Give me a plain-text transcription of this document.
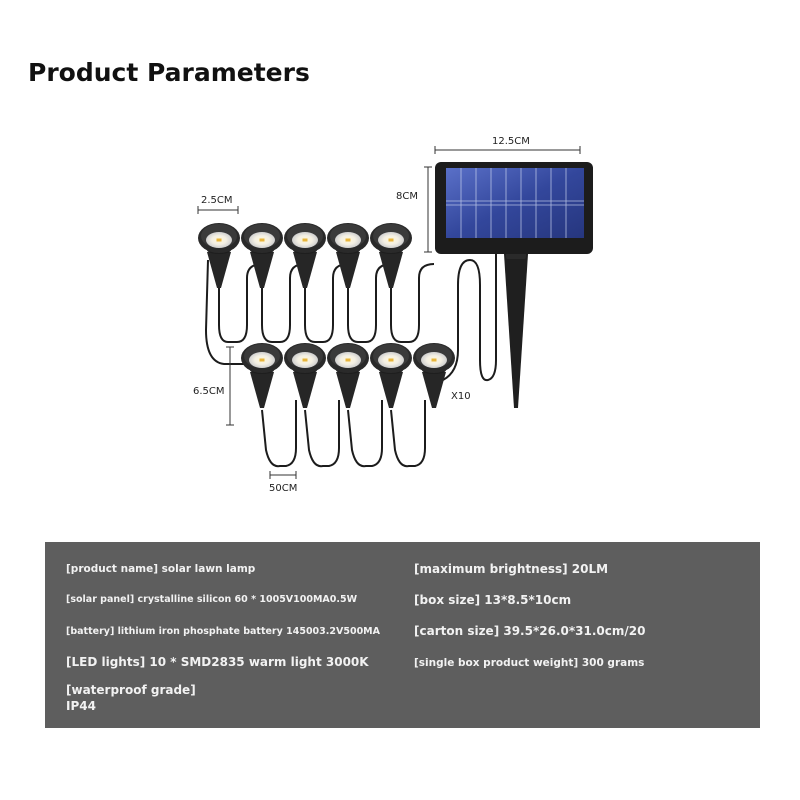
Product Parameters
12.5CM
8CM
2.5CM
6.5CM
50CM
X10
[product name] solar lawn lamp
[solar panel] crystalline silicon 60 * 1005V100MA0.5W
[battery] lithium iron phosphate battery 145003.2V500MA
[LED lights] 10 * SMD2835 warm light 3000K
[waterproof grade]
IP44
[maximum brightness] 20LM
[box size] 13*8.5*10cm
[carton size] 39.5*26.0*31.0cm/20
[single box product weight] 300 grams
